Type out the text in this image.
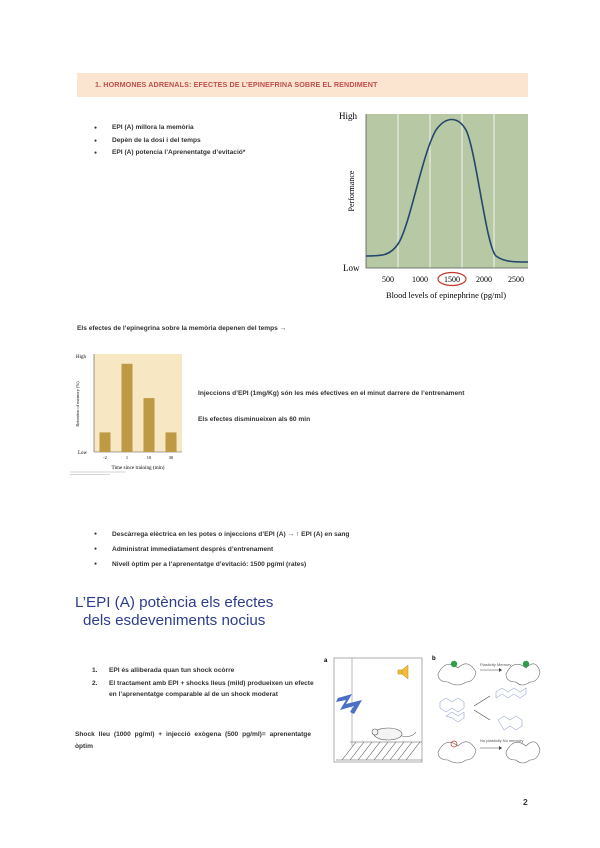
1. HORMONES ADRENALS: EFECTES DE L’EPINEFRINA SOBRE EL RENDIMENT
● EPI (A) millora la memòria
● Depèn de la dosi i del temps
● EPI (A) potencia l’Aprenentatge d’evitació*
High
Low
Performance
500 1000 1500 2000 2500
Blood levels of epinephrine (pg/ml)
Els efectes de l’epinegrina sobre la memòria depenen del temps →
High
Low
Retention of memory (%)
-2	1	10	30
Time since training (min)
Injeccions d’EPI (1mg/Kg) són les més efectives en el minut darrere de l’entrenament
Els efectes disminueixen als 60 min
● Descàrrega elèctrica en les potes o injeccions d’EPI (A) → ↑ EPI (A) en sang
● Administrat immediatament després d’entrenament
● Nivell òptim per a l’aprenentatge d’evitació: 1500 pg/ml (rates)
L’EPI (A) potència els efectes
dels esdeveniments nocius
1. EPI és alliberada quan tun shock ocòrre
2. El tractament amb EPI + shocks lleus (mild) produeixen un efecte en l’aprenentatge comparable al de un shock moderat
Shock lleu (1000 pg/ml) + injecció exògena (500 pg/ml)= aprenentatge òptim
a	b
Plasticity Memory
No plasticity No memory
2
